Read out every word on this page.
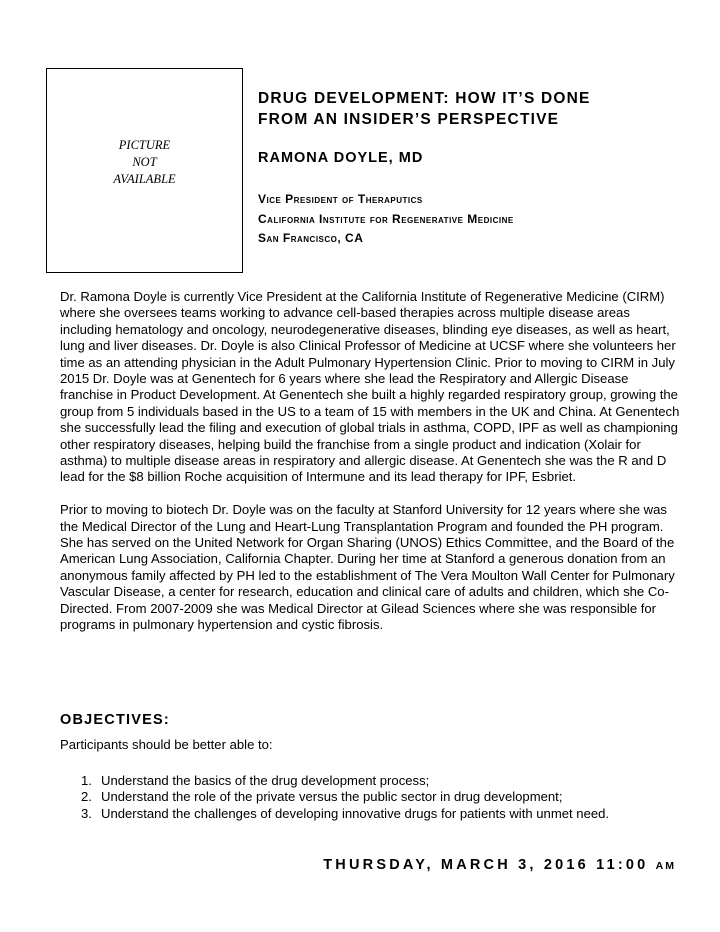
PICTURE
NOT
AVAILABLE
DRUG DEVELOPMENT: HOW IT’S DONE
FROM AN INSIDER’S PERSPECTIVE
RAMONA DOYLE, MD
Vice President of Theraputics
California Institute for Regenerative Medicine
San Francisco, CA

Dr. Ramona Doyle is currently Vice President at the California Institute of Regenerative Medicine (CIRM) where she oversees teams working to advance cell-based therapies across multiple disease areas including hematology and oncology, neurodegenerative diseases, blinding eye diseases, as well as heart, lung and liver diseases. Dr. Doyle is also Clinical Professor of Medicine at UCSF where she volunteers her time as an attending physician in the Adult Pulmonary Hypertension Clinic. Prior to moving to CIRM in July 2015 Dr. Doyle was at Genentech for 6 years where she lead the Respiratory and Allergic Disease franchise in Product Development. At Genentech she built a highly regarded respiratory group, growing the group from 5 individuals based in the US to a team of 15 with members in the UK and China. At Genentech she successfully lead the filing and execution of global trials in asthma, COPD, IPF as well as championing other respiratory diseases, helping build the franchise from a single product and indication (Xolair for asthma) to multiple disease areas in respiratory and allergic disease. At Genentech she was the R and D lead for the $8 billion Roche acquisition of Intermune and its lead therapy for IPF, Esbriet.

Prior to moving to biotech Dr. Doyle was on the faculty at Stanford University for 12 years where she was the Medical Director of the Lung and Heart-Lung Transplantation Program and founded the PH program. She has served on the United Network for Organ Sharing (UNOS) Ethics Committee, and the Board of the American Lung Association, California Chapter. During her time at Stanford a generous donation from an anonymous family affected by PH led to the establishment of The Vera Moulton Wall Center for Pulmonary Vascular Disease, a center for research, education and clinical care of adults and children, which she Co-Directed. From 2007-2009 she was Medical Director at Gilead Sciences where she was responsible for programs in pulmonary hypertension and cystic fibrosis.

OBJECTIVES:

Participants should be better able to:

1. Understand the basics of the drug development process;
2. Understand the role of the private versus the public sector in drug development;
3. Understand the challenges of developing innovative drugs for patients with unmet need.

THURSDAY, MARCH 3, 2016 11:00 AM
